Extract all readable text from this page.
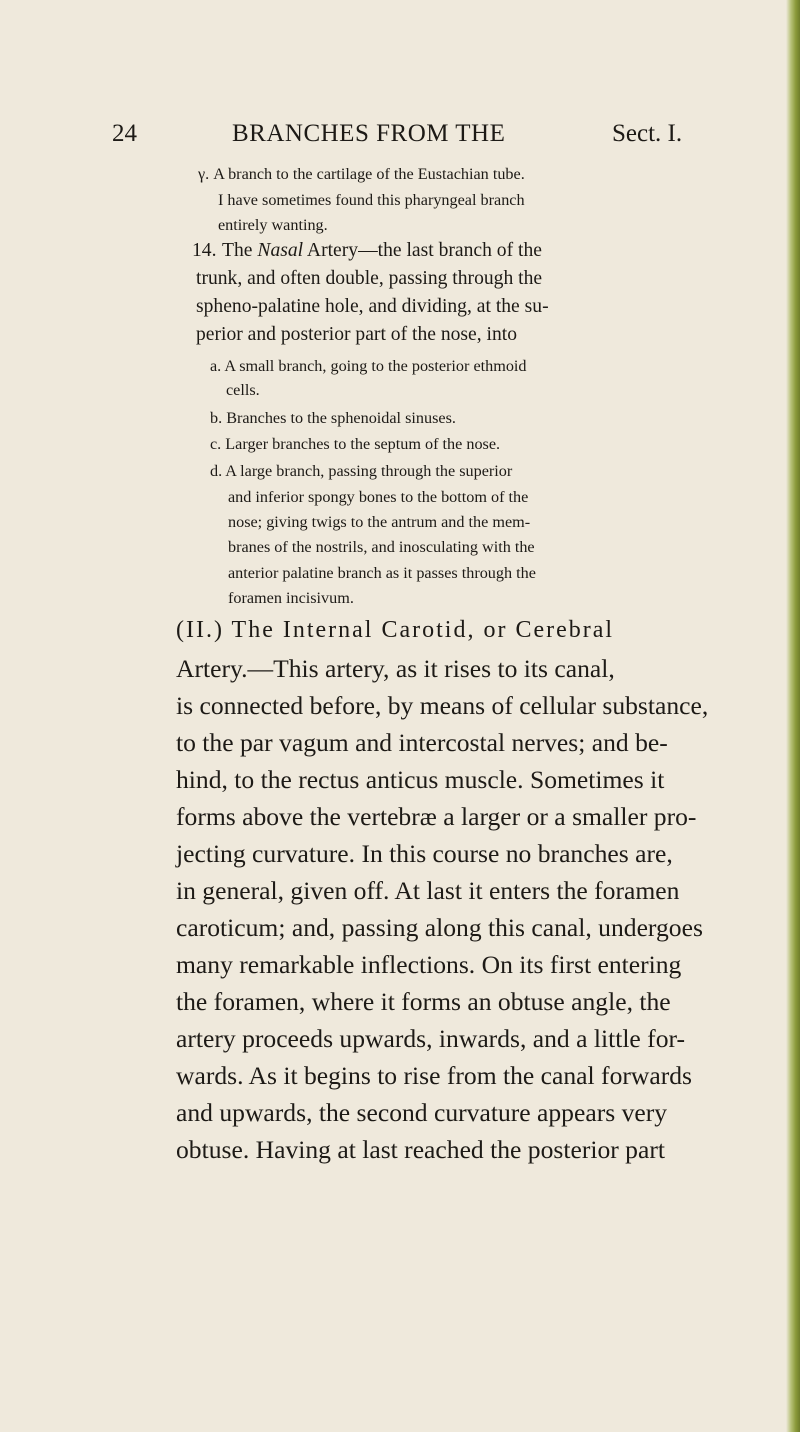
24	BRANCHES FROM THE	Sect. I.
γ. A branch to the cartilage of the Eustachian tube.
I have sometimes found this pharyngeal branch
entirely wanting.
14. The Nasal Artery—the last branch of the
trunk, and often double, passing through the
spheno-palatine hole, and dividing, at the su-
perior and posterior part of the nose, into
a. A small branch, going to the posterior ethmoid
cells.
b. Branches to the sphenoidal sinuses.
c. Larger branches to the septum of the nose.
d. A large branch, passing through the superior
and inferior spongy bones to the bottom of the
nose; giving twigs to the antrum and the mem-
branes of the nostrils, and inosculating with the
anterior palatine branch as it passes through the
foramen incisivum.
(II.) The Internal Carotid, or Cerebral
Artery.—This artery, as it rises to its canal,
is connected before, by means of cellular substance,
to the par vagum and intercostal nerves; and be-
hind, to the rectus anticus muscle. Sometimes it
forms above the vertebræ a larger or a smaller pro-
jecting curvature. In this course no branches are,
in general, given off. At last it enters the foramen
caroticum; and, passing along this canal, undergoes
many remarkable inflections. On its first entering
the foramen, where it forms an obtuse angle, the
artery proceeds upwards, inwards, and a little for-
wards. As it begins to rise from the canal forwards
and upwards, the second curvature appears very
obtuse. Having at last reached the posterior part
